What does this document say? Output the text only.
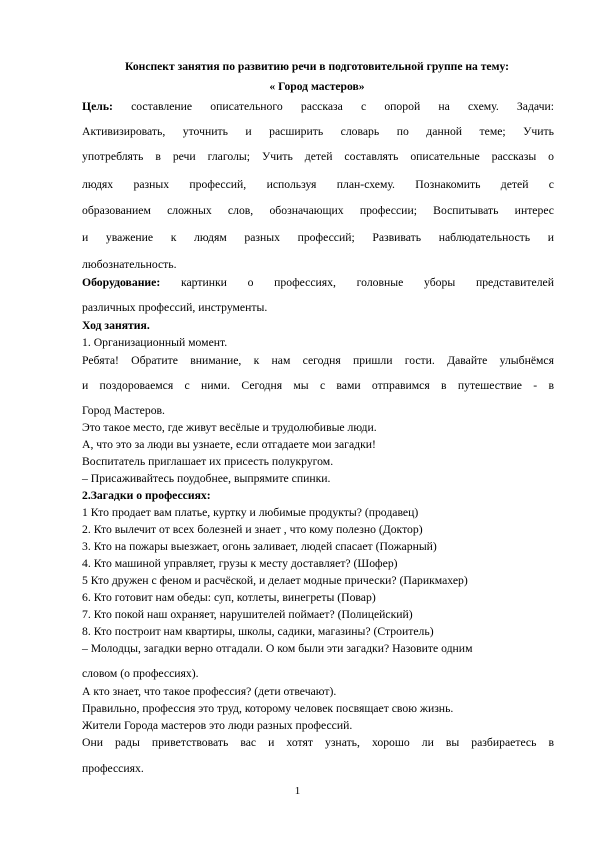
Конспект занятия по развитию речи в подготовительной группе на тему:
« Город мастеров»
Цель: составление описательного рассказа с опорой на схему. Задачи:
Активизировать, уточнить и расширить словарь по данной теме; Учить
употреблять в речи глаголы; Учить детей составлять описательные рассказы о
людях разных профессий, используя план-схему. Познакомить детей с
образованием сложных слов, обозначающих профессии; Воспитывать интерес
и уважение к людям разных профессий; Развивать наблюдательность и
любознательность.
Оборудование: картинки о профессиях, головные уборы представителей
различных профессий, инструменты.
Ход занятия.
1. Организационный момент.
Ребята! Обратите внимание, к нам сегодня пришли гости. Давайте улыбнёмся
и поздороваемся с ними. Сегодня мы с вами отправимся в путешествие - в
Город Мастеров.
Это такое место, где живут весёлые и трудолюбивые люди.
А, что это за люди вы узнаете, если отгадаете мои загадки!
Воспитатель приглашает их присесть полукругом.
– Присаживайтесь поудобнее, выпрямите спинки.
2.Загадки о профессиях:
1 Кто продает вам платье, куртку и любимые продукты? (продавец)
2. Кто вылечит от всех болезней и знает , что кому полезно (Доктор)
3. Кто на пожары выезжает, огонь заливает, людей спасает (Пожарный)
4. Кто машиной управляет, грузы к месту доставляет? (Шофер)
5 Кто дружен с феном и расчёской, и делает модные прически? (Парикмахер)
6. Кто готовит нам обеды: суп, котлеты, винегреты (Повар)
7. Кто покой наш охраняет, нарушителей поймает? (Полицейский)
8. Кто построит нам квартиры, школы, садики, магазины? (Строитель)
– Молодцы, загадки верно отгадали. О ком были эти загадки? Назовите одним
словом (о профессиях).
А кто знает, что такое профессия? (дети отвечают).
Правильно, профессия это труд, которому человек посвящает свою жизнь.
Жители Города мастеров это люди разных профессий.
Они рады приветствовать вас и хотят узнать, хорошо ли вы разбираетесь в
профессиях.
1
